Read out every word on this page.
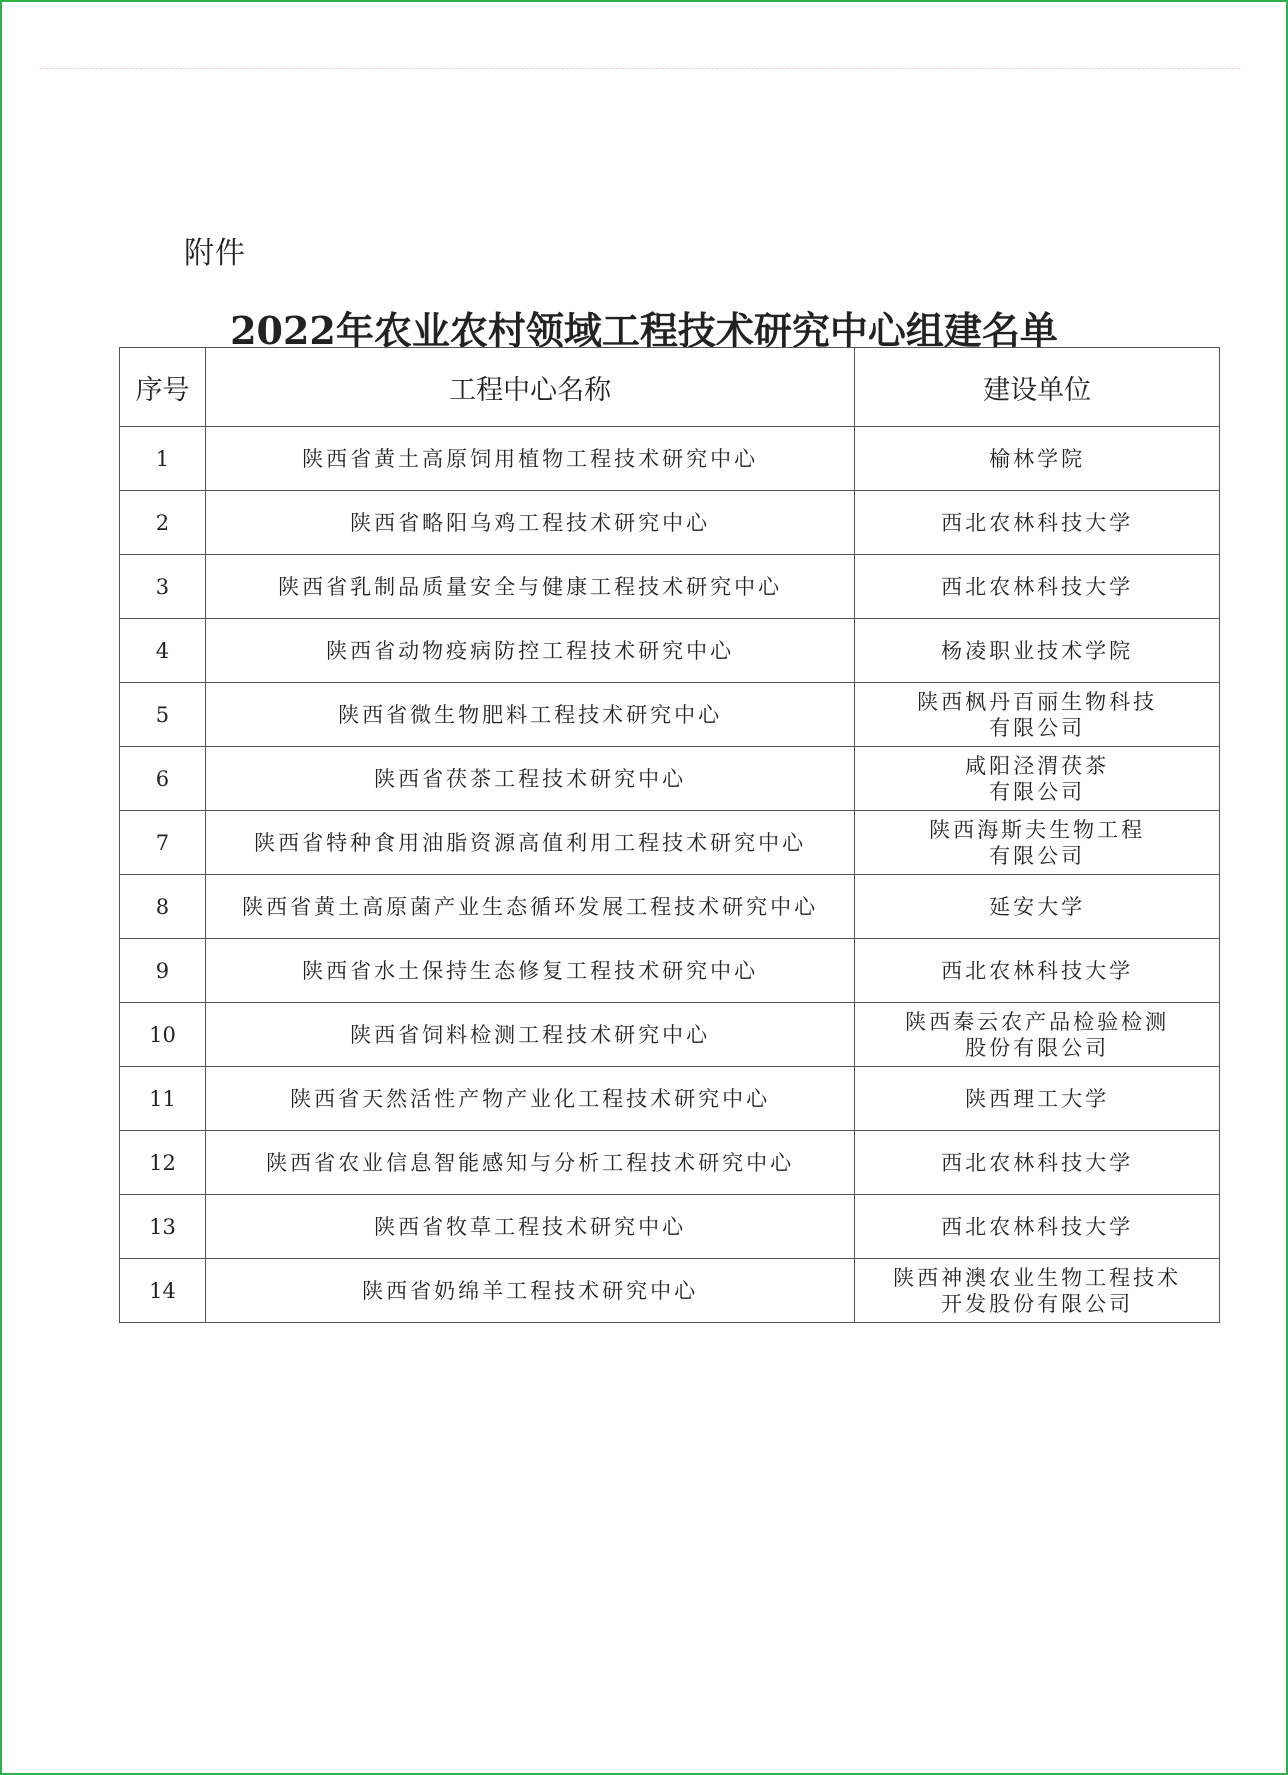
附件
2022年农业农村领域工程技术研究中心组建名单
序号	工程中心名称	建设单位
1	陕西省黄土高原饲用植物工程技术研究中心	榆林学院
2	陕西省略阳乌鸡工程技术研究中心	西北农林科技大学
3	陕西省乳制品质量安全与健康工程技术研究中心	西北农林科技大学
4	陕西省动物疫病防控工程技术研究中心	杨凌职业技术学院
5	陕西省微生物肥料工程技术研究中心	陕西枫丹百丽生物科技
有限公司
6	陕西省茯茶工程技术研究中心	咸阳泾渭茯茶
有限公司
7	陕西省特种食用油脂资源高值利用工程技术研究中心	陕西海斯夫生物工程
有限公司
8	陕西省黄土高原菌产业生态循环发展工程技术研究中心	延安大学
9	陕西省水土保持生态修复工程技术研究中心	西北农林科技大学
10	陕西省饲料检测工程技术研究中心	陕西秦云农产品检验检测
股份有限公司
11	陕西省天然活性产物产业化工程技术研究中心	陕西理工大学
12	陕西省农业信息智能感知与分析工程技术研究中心	西北农林科技大学
13	陕西省牧草工程技术研究中心	西北农林科技大学
14	陕西省奶绵羊工程技术研究中心	陕西神澳农业生物工程技术
开发股份有限公司
